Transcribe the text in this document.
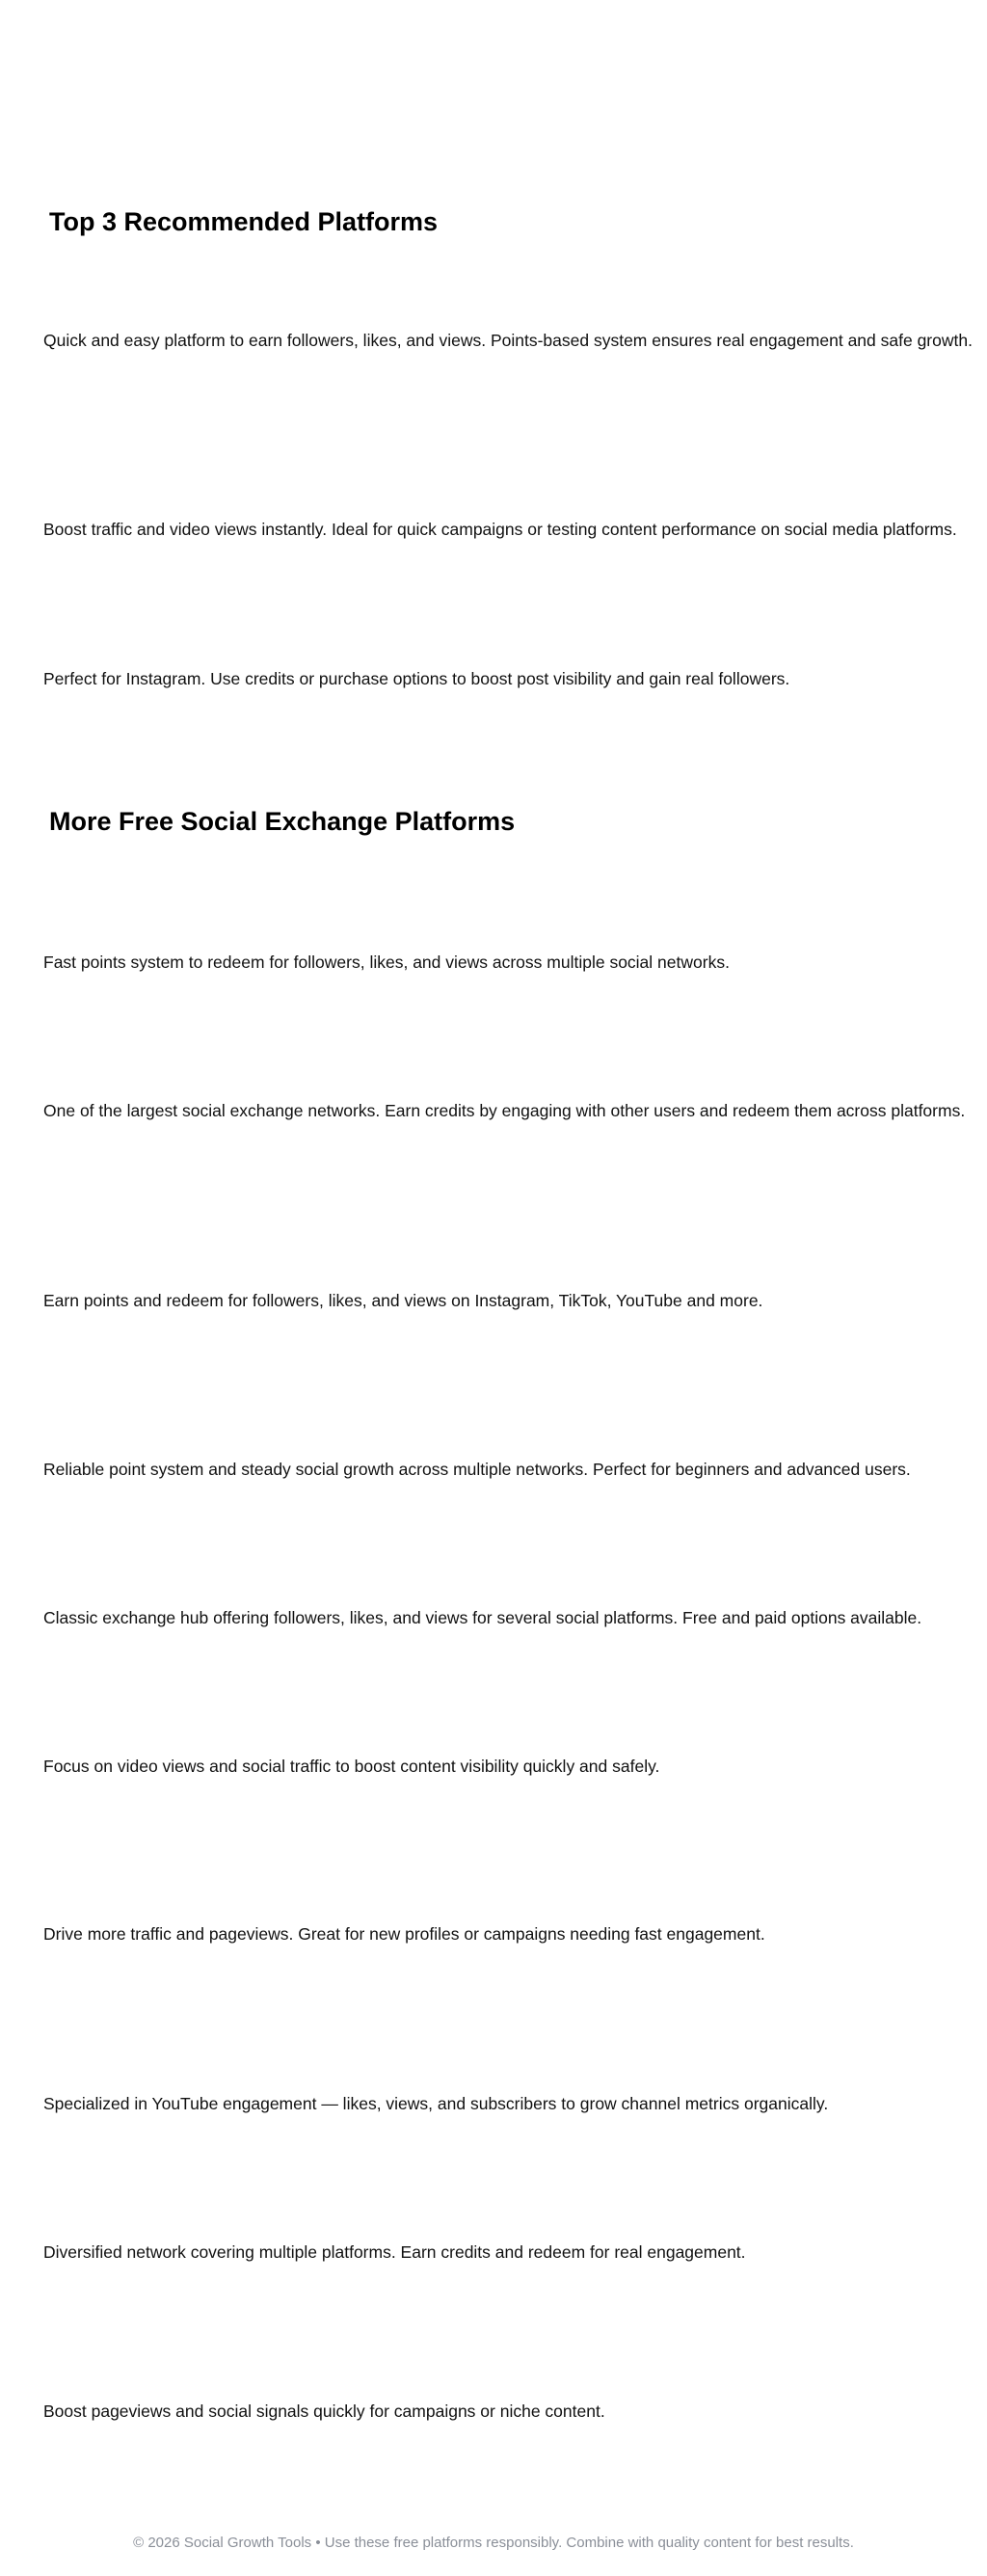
Top 3 Recommended Platforms

Quick and easy platform to earn followers, likes, and views. Points-based system ensures real engagement and safe growth.

Boost traffic and video views instantly. Ideal for quick campaigns or testing content performance on social media platforms.

Perfect for Instagram. Use credits or purchase options to boost post visibility and gain real followers.

More Free Social Exchange Platforms

Fast points system to redeem for followers, likes, and views across multiple social networks.

One of the largest social exchange networks. Earn credits by engaging with other users and redeem them across platforms.

Earn points and redeem for followers, likes, and views on Instagram, TikTok, YouTube and more.

Reliable point system and steady social growth across multiple networks. Perfect for beginners and advanced users.

Classic exchange hub offering followers, likes, and views for several social platforms. Free and paid options available.

Focus on video views and social traffic to boost content visibility quickly and safely.

Drive more traffic and pageviews. Great for new profiles or campaigns needing fast engagement.

Specialized in YouTube engagement — likes, views, and subscribers to grow channel metrics organically.

Diversified network covering multiple platforms. Earn credits and redeem for real engagement.

Boost pageviews and social signals quickly for campaigns or niche content.

© 2026 Social Growth Tools • Use these free platforms responsibly. Combine with quality content for best results.
